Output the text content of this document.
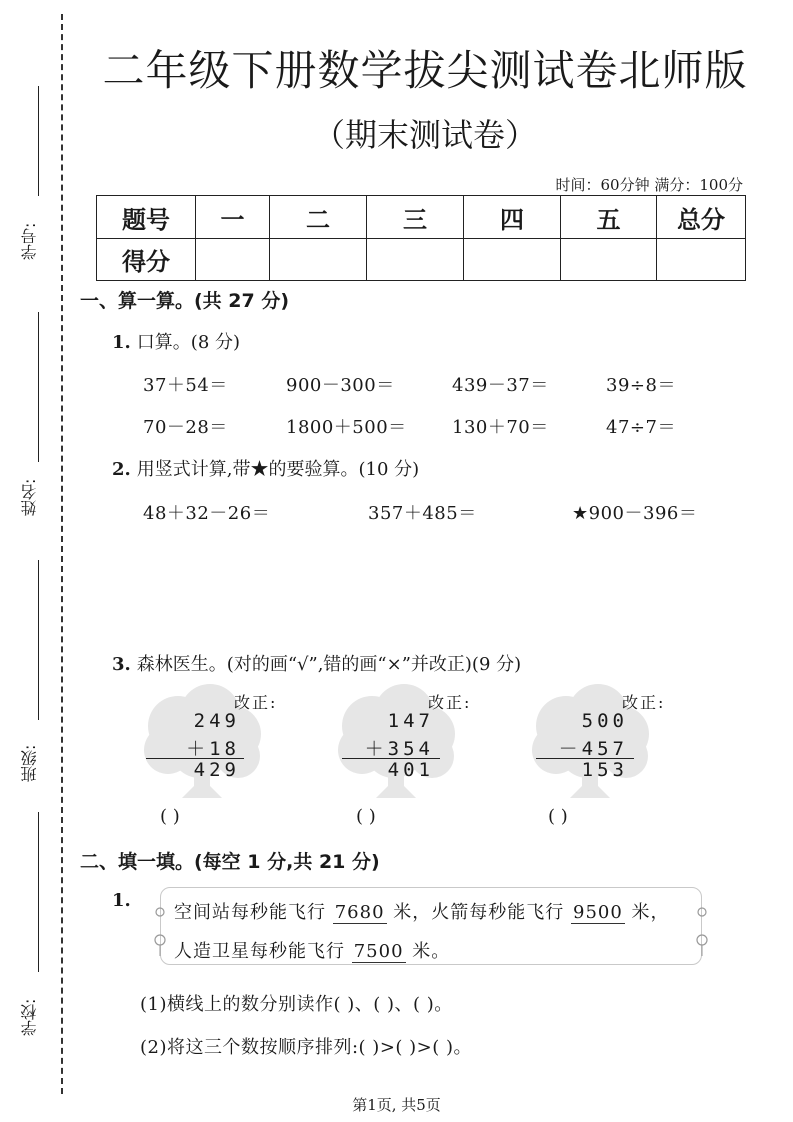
学号:
姓名:
班级:
学校:
二年级下册数学拔尖测试卷北师版
（期末测试卷）
时间：60分钟 满分：100分
题号	一	二	三	四	五	总分
得分						
一、算一算。(共 27 分)
1. 口算。(8 分)
37＋54＝	900－300＝	439－37＝	39÷8＝
70－28＝	1800＋500＝	130＋70＝	47÷7＝
2. 用竖式计算,带★的要验算。(10 分)
48＋32－26＝	357＋485＝	★900－396＝
3. 森林医生。(对的画“√”,错的画“×”并改正)(9 分)
改正:
249
＋18
429
( )
改正:
147
＋354
401
( )
改正:
500
－457
153
( )
二、填一填。(每空 1 分,共 21 分)
1.
空间站每秒能飞行 7680 米，火箭每秒能飞行 9500 米，
人造卫星每秒能飞行 7500 米。
(1)横线上的数分别读作( )、( )、( )。
(2)将这三个数按顺序排列:( )>( )>( )。
第1页, 共5页
